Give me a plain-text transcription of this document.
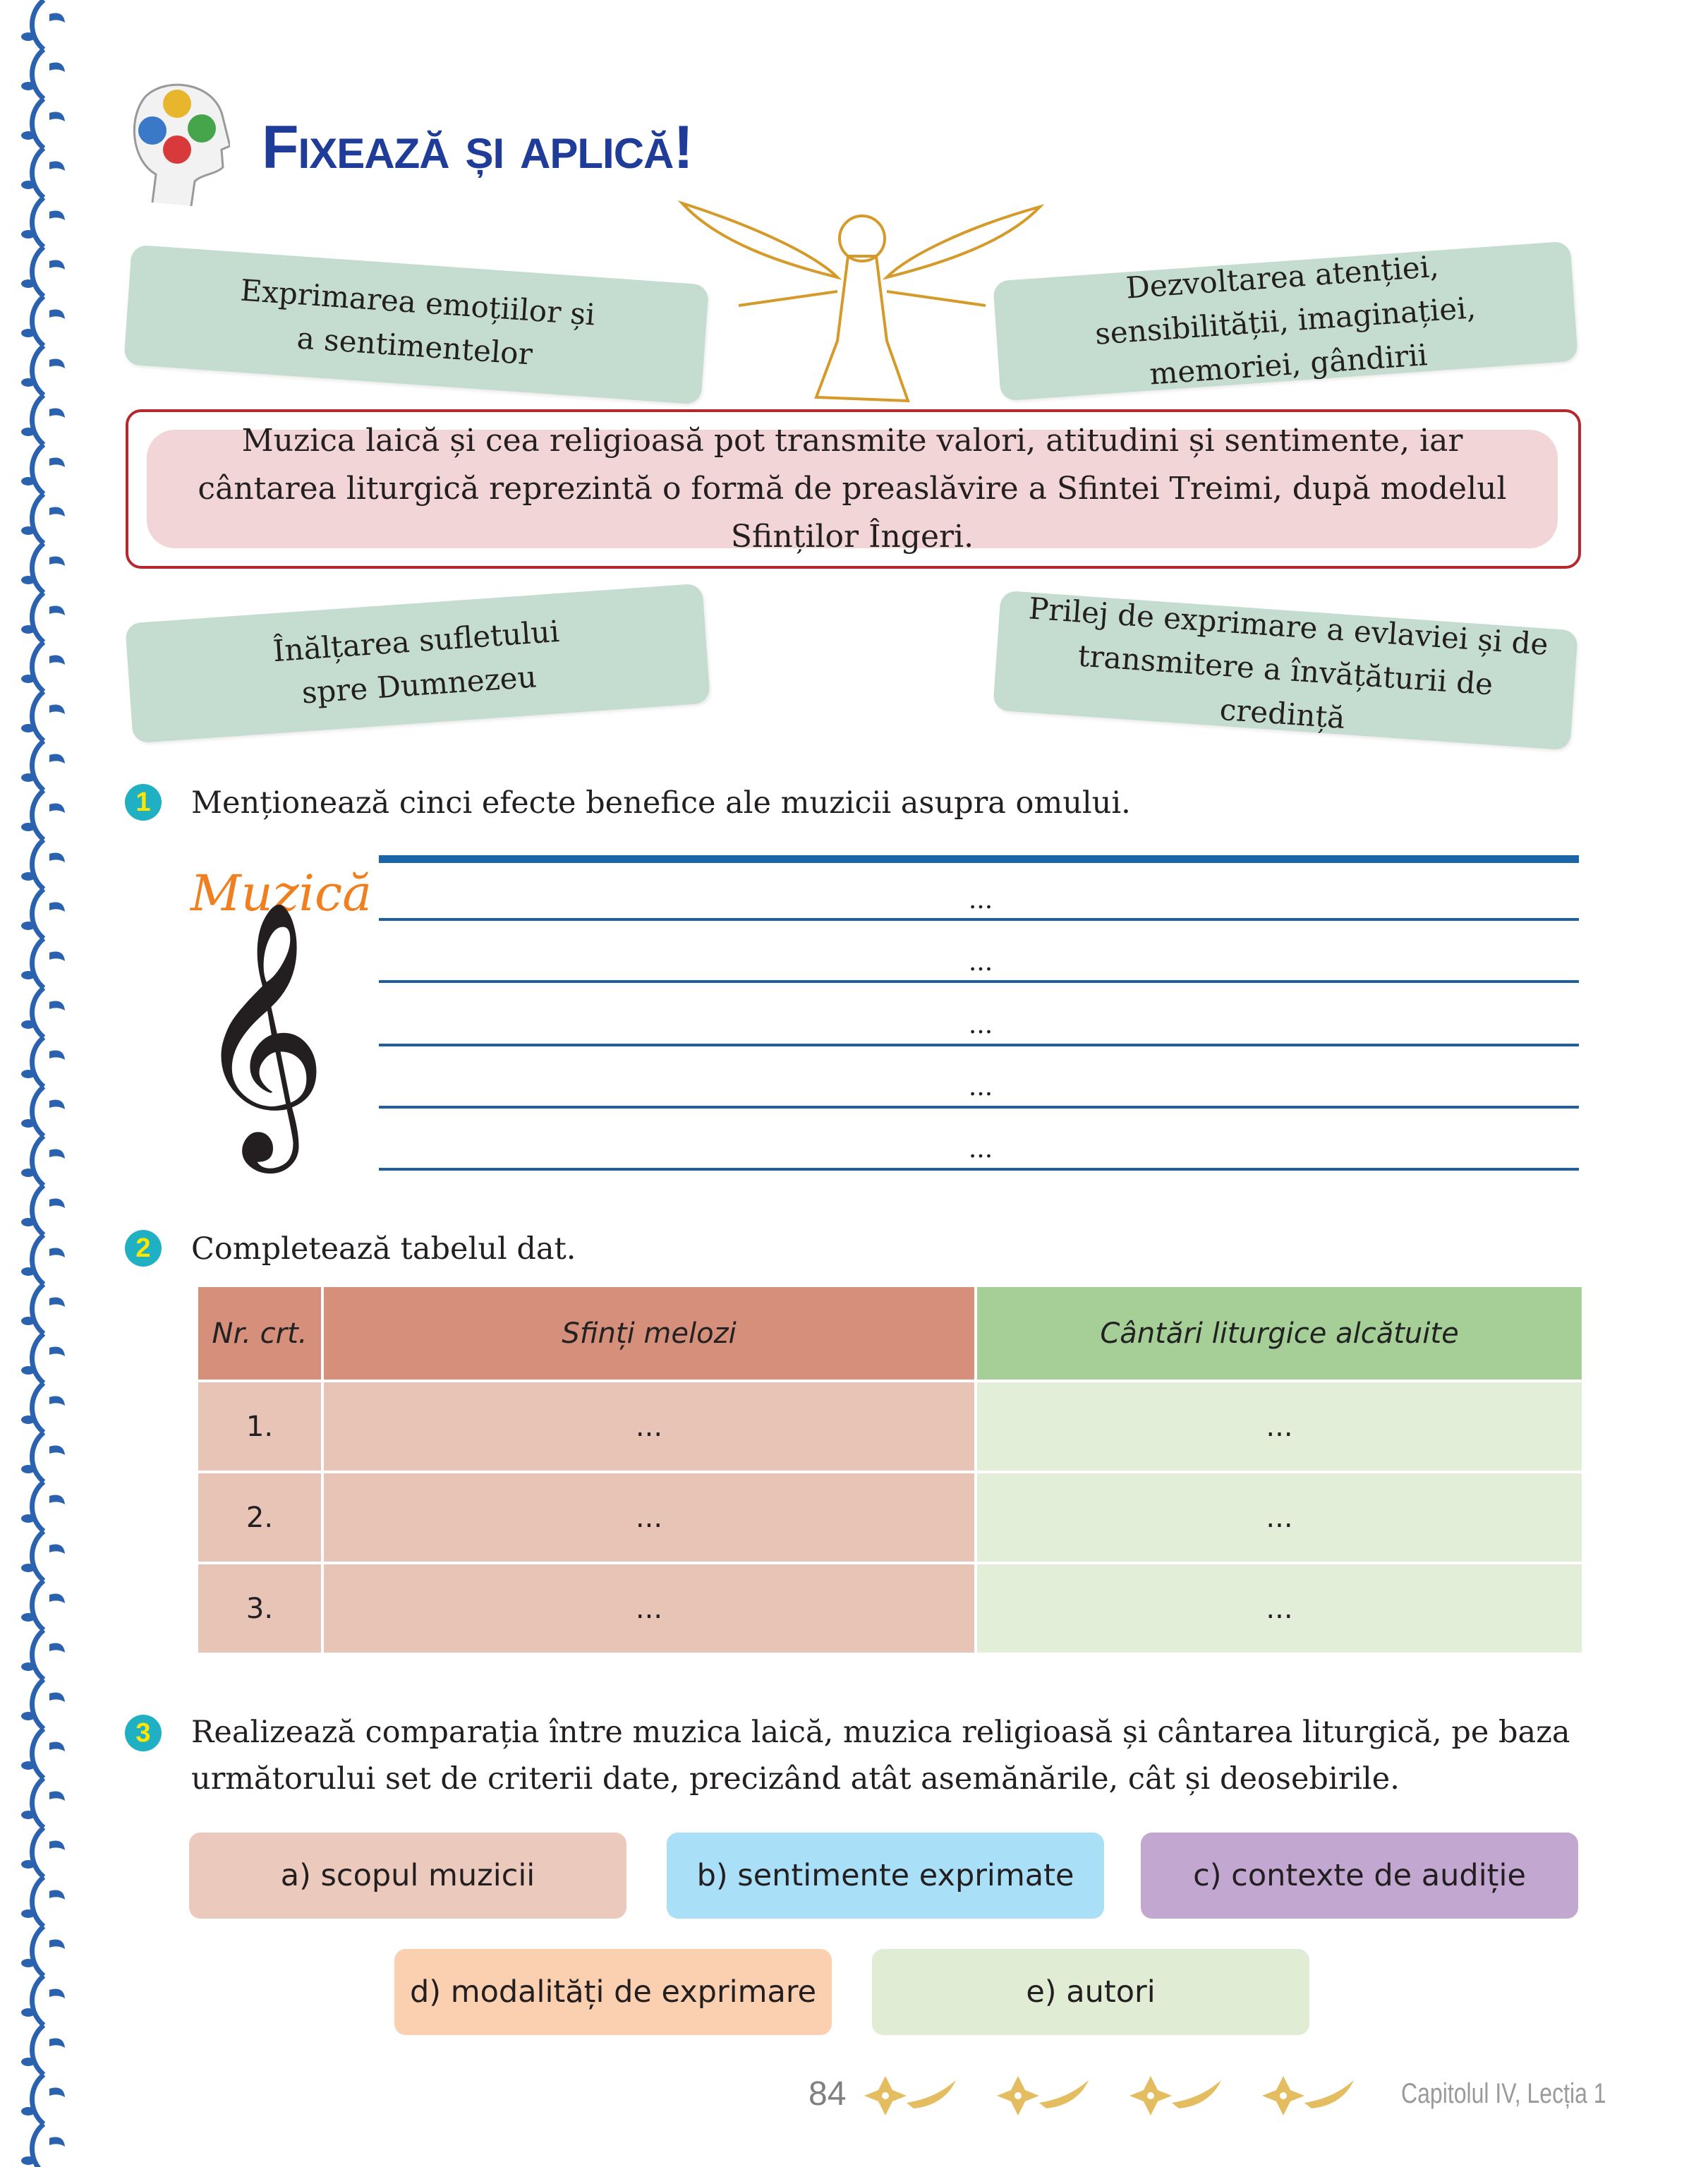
Fixează și aplică!
Exprimarea emoțiilor și a sentimentelor
Dezvoltarea atenției, sensibilității, imaginației, memoriei, gândirii
Muzica laică și cea religioasă pot transmite valori, atitudini și sentimente, iar cântarea liturgică reprezintă o formă de preaslăvire a Sfintei Treimi, după modelul Sfinților Îngeri.
Înălțarea sufletului spre Dumnezeu
Prilej de exprimare a evlaviei și de transmitere a învățăturii de credință
1	Menționează cinci efecte benefice ale muzicii asupra omului.
Muzică
𝄞	...
...
...
...
...
2	Completează tabelul dat.
Nr. crt.	Sfinți melozi	Cântări liturgice alcătuite
1.	...	...
2.	...	...
3.	...	...
3	Realizează comparația între muzica laică, muzica religioasă și cântarea liturgică, pe baza următorului set de criterii date, precizând atât asemănările, cât și deosebirile.
a) scopul muzicii	b) sentimente exprimate	c) contexte de audiție
d) modalități de exprimare	e) autori
84	Capitolul IV, Lecția 1
